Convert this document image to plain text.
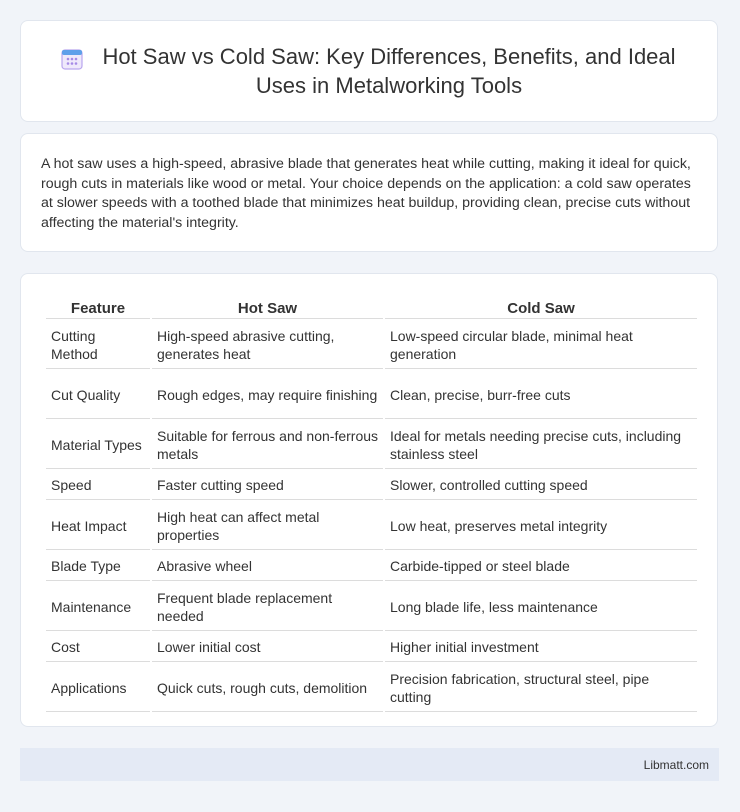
Hot Saw vs Cold Saw: Key Differences, Benefits, and Ideal Uses in Metalworking Tools

A hot saw uses a high-speed, abrasive blade that generates heat while cutting, making it ideal for quick, rough cuts in materials like wood or metal. Your choice depends on the application: a cold saw operates at slower speeds with a toothed blade that minimizes heat buildup, providing clean, precise cuts without affecting the material's integrity.

Feature	Hot Saw	Cold Saw
Cutting Method	High-speed abrasive cutting, generates heat	Low-speed circular blade, minimal heat generation
Cut Quality	Rough edges, may require finishing	Clean, precise, burr-free cuts
Material Types	Suitable for ferrous and non-ferrous metals	Ideal for metals needing precise cuts, including stainless steel
Speed	Faster cutting speed	Slower, controlled cutting speed
Heat Impact	High heat can affect metal properties	Low heat, preserves metal integrity
Blade Type	Abrasive wheel	Carbide-tipped or steel blade
Maintenance	Frequent blade replacement needed	Long blade life, less maintenance
Cost	Lower initial cost	Higher initial investment
Applications	Quick cuts, rough cuts, demolition	Precision fabrication, structural steel, pipe cutting
Libmatt.com
